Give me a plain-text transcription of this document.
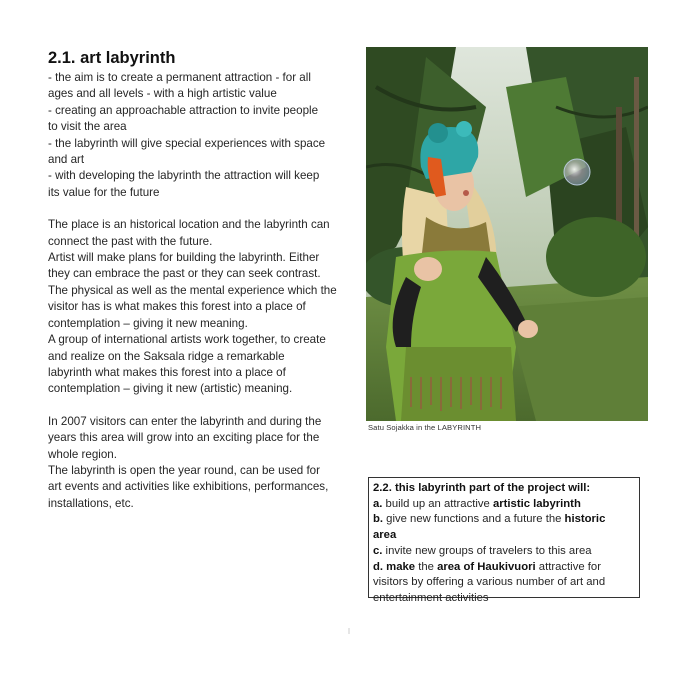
2.1. art labyrinth
- the aim is to create a permanent attraction - for all
ages and all levels - with a high artistic value
- creating an approachable attraction to invite people
to visit the area
- the labyrinth will give special experiences with space
and art
- with developing the labyrinth the attraction will keep
its value for the future
The place is an historical location and the labyrinth can
connect the past with the future.
Artist will make plans for building the labyrinth. Either
they can embrace the past or they can seek contrast.
The physical as well as the mental experience which the
visitor has is what makes this forest into a place of
contemplation – giving it new meaning.
A group of international artists work together, to create
and realize on the Saksala ridge a remarkable
labyrinth what makes this forest into a place of
contemplation – giving it new (artistic) meaning.
In 2007 visitors can enter the labyrinth and during the
years this area will grow into an exciting place for the
whole region.
The labyrinth is open the year round, can be used for
art events and activities like exhibitions, performances,
installations, etc.
Satu Sojakka in the LABYRINTH
2.2. this labyrinth part of the project will:
a. build up an attractive artistic labyrinth
b. give new functions and a future the historic
area
c. invite new groups of travelers to this area
d. make the area of Haukivuori attractive for
visitors by offering a various number of art and
entertainment activities
